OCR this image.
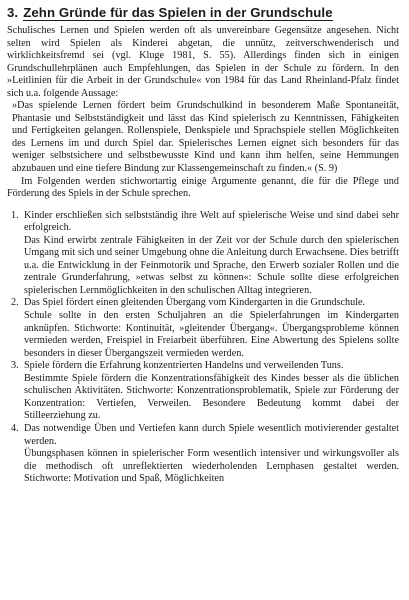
3. Zehn Gründe für das Spielen in der Grundschule

Schulisches Lernen und Spielen werden oft als unvereinbare Gegensätze angesehen. Nicht selten wird Spielen als Kinderei abgetan, die unnütz, zeitverschwenderisch und wirklichkeitsfremd sei (vgl. Kluge 1981, S. 55). Allerdings finden sich in einigen Grundschullehrplänen auch Empfehlungen, das Spielen in der Schule zu fördern. In den »Leitlinien für die Arbeit in der Grundschule« von 1984 für das Land Rheinland-Pfalz findet sich u.a. folgende Aussage:

»Das spielende Lernen fördert beim Grundschulkind in besonderem Maße Spontaneität, Phantasie und Selbstständigkeit und lässt das Kind spielerisch zu Kenntnissen, Fähigkeiten und Fertigkeiten gelangen. Rollenspiele, Denkspiele und Sprachspiele stellen Möglichkeiten des Lernens im und durch Spiel dar. Spielerisches Lernen eignet sich besonders für das weniger selbstsichere und selbstbewusste Kind und kann ihm helfen, seine Hemmungen abzubauen und eine tiefere Bindung zur Klassengemeinschaft zu finden.« (S. 9)

Im Folgenden werden stichwortartig einige Argumente genannt, die für die Pflege und Förderung des Spiels in der Schule sprechen.

1. Kinder erschließen sich selbstständig ihre Welt auf spielerische Weise und sind dabei sehr erfolgreich.
Das Kind erwirbt zentrale Fähigkeiten in der Zeit vor der Schule durch den spielerischen Umgang mit sich und seiner Umgebung ohne die Anleitung durch Erwachsene. Dies betrifft u.a. die Entwicklung in der Feinmotorik und Sprache, den Erwerb sozialer Rollen und die zentrale Grunderfahrung, »etwas selbst zu können«: Schule sollte diese erfolgreichen spielerischen Lernmöglichkeiten in den schulischen Alltag integrieren.
2. Das Spiel fördert einen gleitenden Übergang vom Kindergarten in die Grundschule.
Schule sollte in den ersten Schuljahren an die Spielerfahrungen im Kindergarten anknüpfen. Stichworte: Kontinuität, »gleitender Übergang«. Übergangsprobleme können vermieden werden, Freispiel in Freiarbeit überführen. Eine Abwertung des Spielens sollte besonders in dieser Übergangszeit vermieden werden.
3. Spiele fördern die Erfahrung konzentrierten Handelns und verweilenden Tuns.
Bestimmte Spiele fördern die Konzentrationsfähigkeit des Kindes besser als die üblichen schulischen Aktivitäten. Stichworte: Konzentrationsproblematik, Spiele zur Förderung der Konzentration: Vertiefen, Verweilen. Besondere Bedeutung kommt dabei der Stilleerziehung zu.
4. Das notwendige Üben und Vertiefen kann durch Spiele wesentlich motivierender gestaltet werden.
Übungsphasen können in spielerischer Form wesentlich intensiver und wirkungsvoller als die methodisch oft unreflektierten wiederholenden Lernphasen gestaltet werden. Stichworte: Motivation und Spaß, Möglichkeiten
